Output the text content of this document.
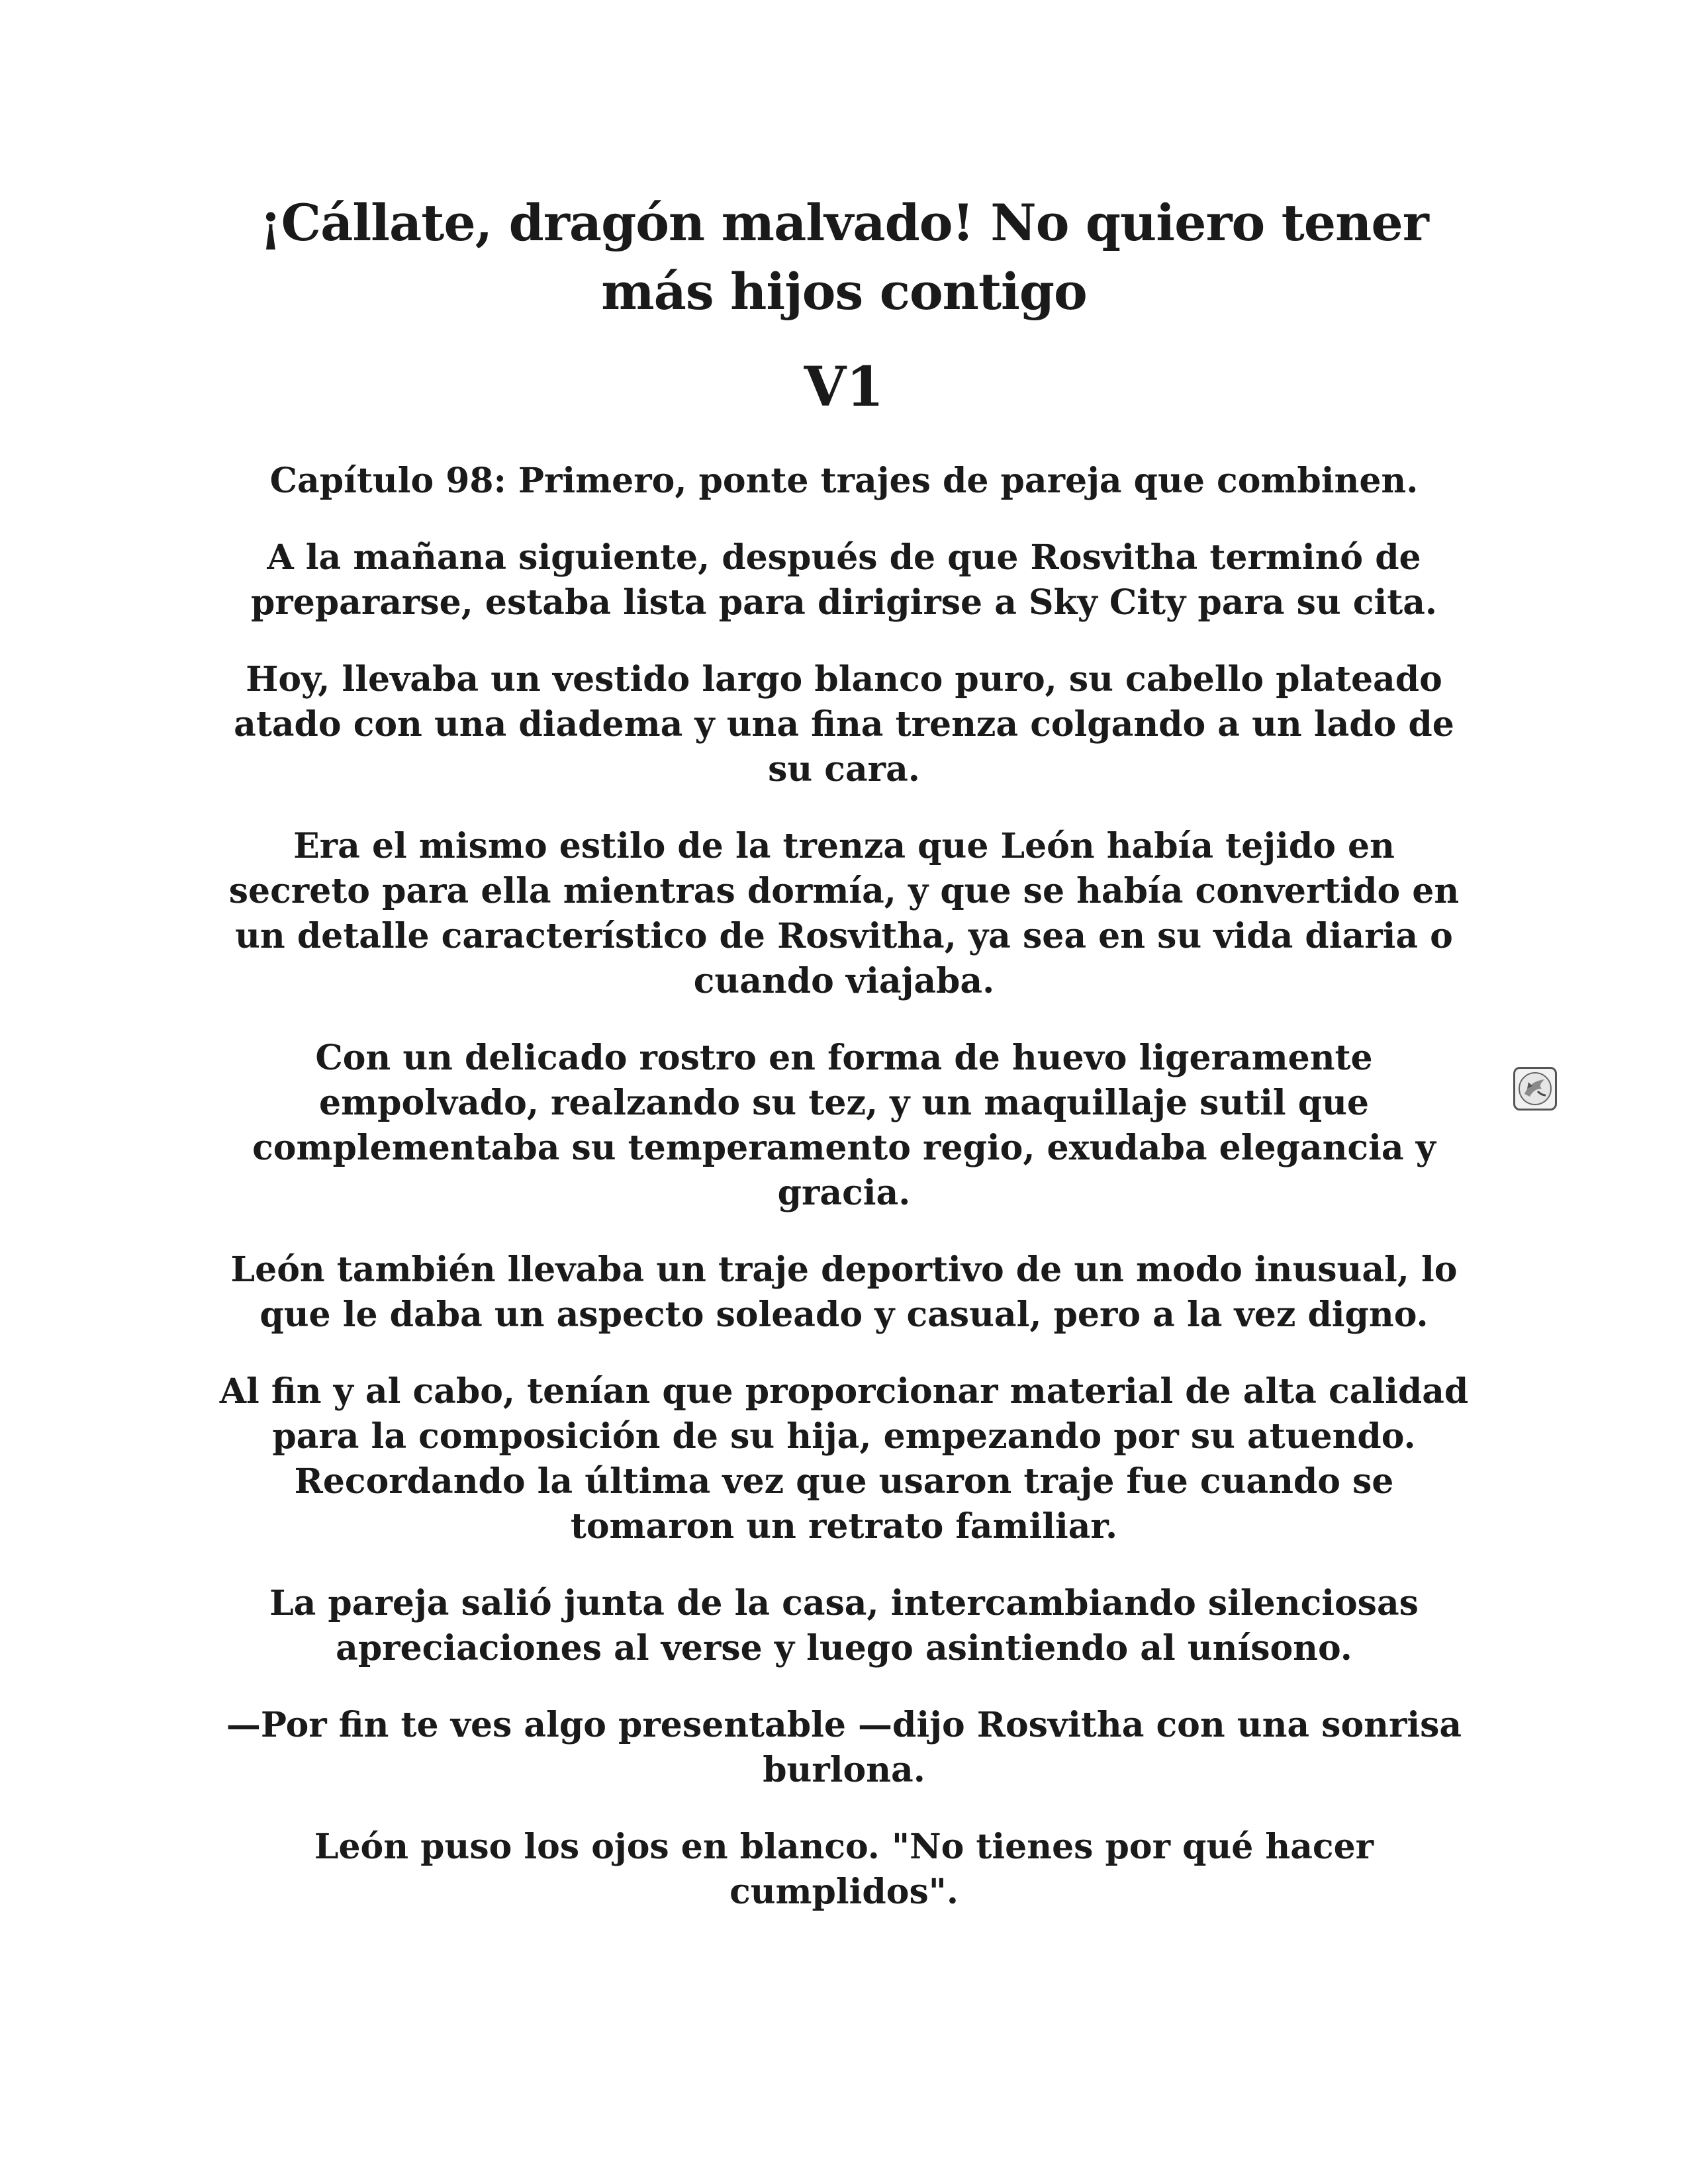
¡Cállate, dragón malvado! No quiero tener más hijos contigo
V1
Capítulo 98: Primero, ponte trajes de pareja que combinen.

A la mañana siguiente, después de que Rosvitha terminó de prepararse, estaba lista para dirigirse a Sky City para su cita.

Hoy, llevaba un vestido largo blanco puro, su cabello plateado atado con una diadema y una fina trenza colgando a un lado de su cara.

Era el mismo estilo de la trenza que León había tejido en secreto para ella mientras dormía, y que se había convertido en un detalle característico de Rosvitha, ya sea en su vida diaria o cuando viajaba.

Con un delicado rostro en forma de huevo ligeramente empolvado, realzando su tez, y un maquillaje sutil que complementaba su temperamento regio, exudaba elegancia y gracia.

León también llevaba un traje deportivo de un modo inusual, lo que le daba un aspecto soleado y casual, pero a la vez digno.

Al fin y al cabo, tenían que proporcionar material de alta calidad para la composición de su hija, empezando por su atuendo. Recordando la última vez que usaron traje fue cuando se tomaron un retrato familiar.

La pareja salió junta de la casa, intercambiando silenciosas apreciaciones al verse y luego asintiendo al unísono.

—Por fin te ves algo presentable —dijo Rosvitha con una sonrisa burlona.

León puso los ojos en blanco. "No tienes por qué hacer cumplidos".
